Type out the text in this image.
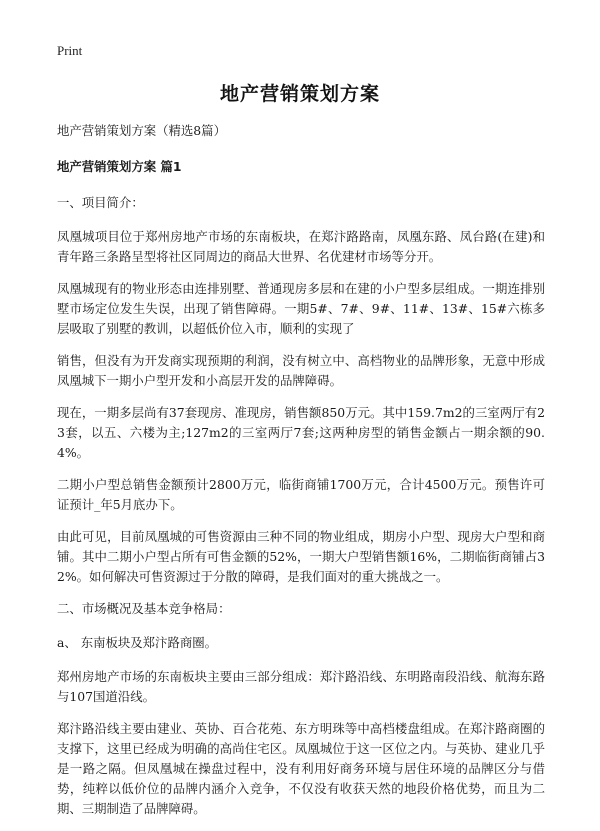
Print
地产营销策划方案

地产营销策划方案（精选8篇）

地产营销策划方案 篇1

一、项目简介：

凤凰城项目位于郑州房地产市场的东南板块，在郑汴路路南，凤凰东路、凤台路(在建)和青年路三条路呈型将社区同周边的商品大世界、名优建材市场等分开。

凤凰城现有的物业形态由连排别墅、普通现房多层和在建的小户型多层组成。一期连排别墅市场定位发生失误，出现了销售障碍。一期5#、7#、9#、11#、13#、15#六栋多层吸取了别墅的教训，以超低价位入市，顺利的实现了

销售，但没有为开发商实现预期的利润，没有树立中、高档物业的品牌形象，无意中形成凤凰城下一期小户型开发和小高层开发的品牌障碍。

现在，一期多层尚有37套现房、准现房，销售额850万元。其中159.7m2的三室两厅有23套，以五、六楼为主;127m2的三室两厅7套;这两种房型的销售金额占一期余额的90.4%。

二期小户型总销售金额预计2800万元，临街商铺1700万元，合计4500万元。预售许可证预计_年5月底办下。

由此可见，目前凤凰城的可售资源由三种不同的物业组成，期房小户型、现房大户型和商铺。其中二期小户型占所有可售金额的52%，一期大户型销售额16%，二期临街商铺占32%。如何解决可售资源过于分散的障碍，是我们面对的重大挑战之一。

二、市场概况及基本竞争格局：

a、 东南板块及郑汴路商圈。

郑州房地产市场的东南板块主要由三部分组成：郑汴路沿线、东明路南段沿线、航海东路与107国道沿线。

郑汴路沿线主要由建业、英协、百合花苑、东方明珠等中高档楼盘组成。在郑汴路商圈的支撑下，这里已经成为明确的高尚住宅区。凤凰城位于这一区位之内。与英协、建业几乎是一路之隔。但凤凰城在操盘过程中，没有利用好商务环境与居住环境的品牌区分与借势，纯粹以低价位的品牌内涵介入竞争，不仅没有收获天然的地段价格优势，而且为二期、三期制造了品牌障碍。
